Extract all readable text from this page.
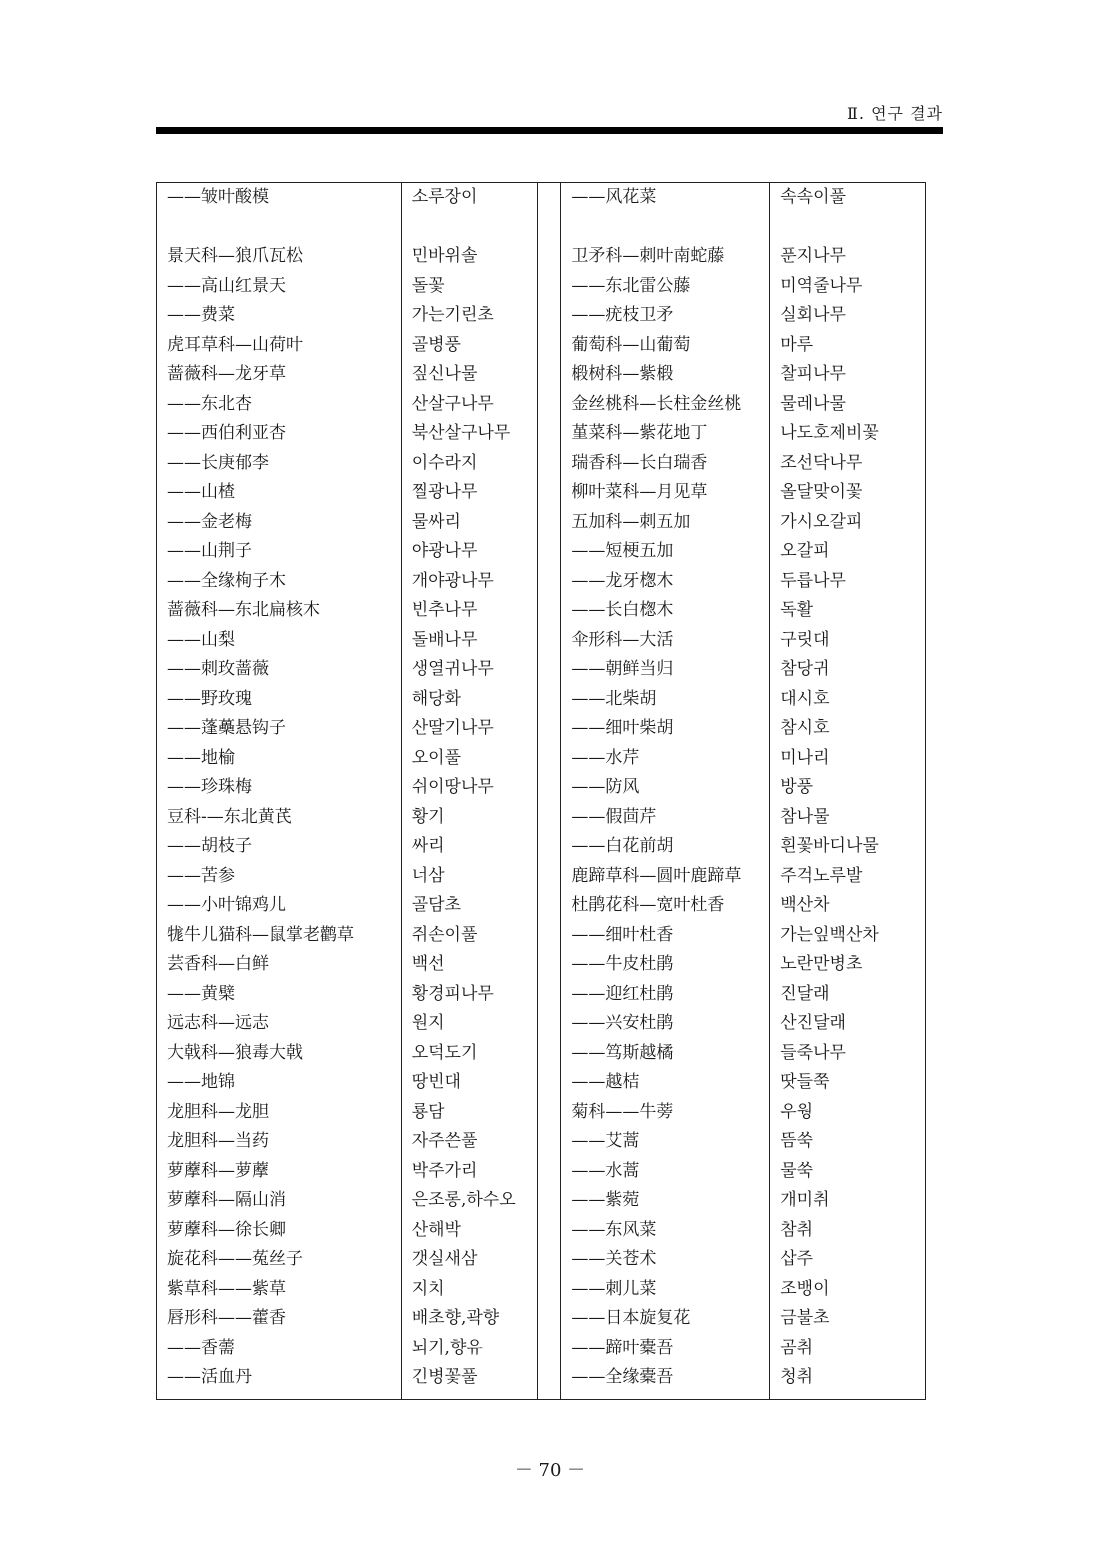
Ⅱ. 연구 결과
——皱叶酸模	소루장이		——风花菜	속속이풀

景天科—狼爪瓦松	민바위솔		卫矛科—刺叶南蛇藤	푼지나무
——高山红景天	돌꽃		——东北雷公藤	미역줄나무
——费菜	가는기린초		——疣枝卫矛	실회나무
虎耳草科—山荷叶	골병풍		葡萄科—山葡萄	마루
蔷薇科—龙牙草	짚신나물		椴树科—紫椴	찰피나무
——东北杏	산살구나무		金丝桃科—长柱金丝桃	물레나물
——西伯利亚杏	북산살구나무		堇菜科—紫花地丁	나도호제비꽃
——长庚郁李	이수라지		瑞香科—长白瑞香	조선닥나무
——山楂	찔광나무		柳叶菜科—月见草	올달맞이꽃
——金老梅	물싸리		五加科—刺五加	가시오갈피
——山荆子	야광나무		——短梗五加	오갈피
——全缘栒子木	개야광나무		——龙牙楤木	두릅나무
蔷薇科—东北扁核木	빈추나무		——长白楤木	독활
——山梨	돌배나무		伞形科—大活	구릿대
——刺玫蔷薇	생열귀나무		——朝鲜当归	참당귀
——野玫瑰	해당화		——北柴胡	대시호
——蓬蘽悬钩子	산딸기나무		——细叶柴胡	참시호
——地榆	오이풀		——水芹	미나리
——珍珠梅	쉬이땅나무		——防风	방풍
豆科-—东北黄芪	황기		——假茴芹	참나물
——胡枝子	싸리		——白花前胡	흰꽃바디나물
——苦参	너삼		鹿蹄草科—圆叶鹿蹄草	주걱노루발
——小叶锦鸡儿	골담초		杜鹃花科—宽叶杜香	백산차
牻牛儿猫科—鼠掌老鹳草	쥐손이풀		——细叶杜香	가는잎백산차
芸香科—白鲜	백선		——牛皮杜鹃	노란만병초
——黄檗	황경피나무		——迎红杜鹃	진달래
远志科—远志	원지		——兴安杜鹃	산진달래
大戟科—狼毒大戟	오덕도기		——笃斯越橘	들죽나무
——地锦	땅빈대		——越桔	땃들쭉
龙胆科—龙胆	룡담		菊科——牛蒡	우웡
龙胆科—当药	자주쓴풀		——艾蒿	뜸쑥
萝藦科—萝藦	박주가리		——水蒿	물쑥
萝藦科—隔山消	은조롱,하수오		——紫菀	개미취
萝藦科—徐长卿	산해박		——东风菜	참취
旋花科——菟丝子	갯실새삼		——关苍术	삽주
紫草科——紫草	지치		——刺儿菜	조뱅이
唇形科——藿香	배초향,곽향		——日本旋复花	금불초
——香薷	뇌기,향유		——蹄叶橐吾	곰취
——活血丹	긴병꽃풀		——全缘橐吾	청취
－ 70 －
